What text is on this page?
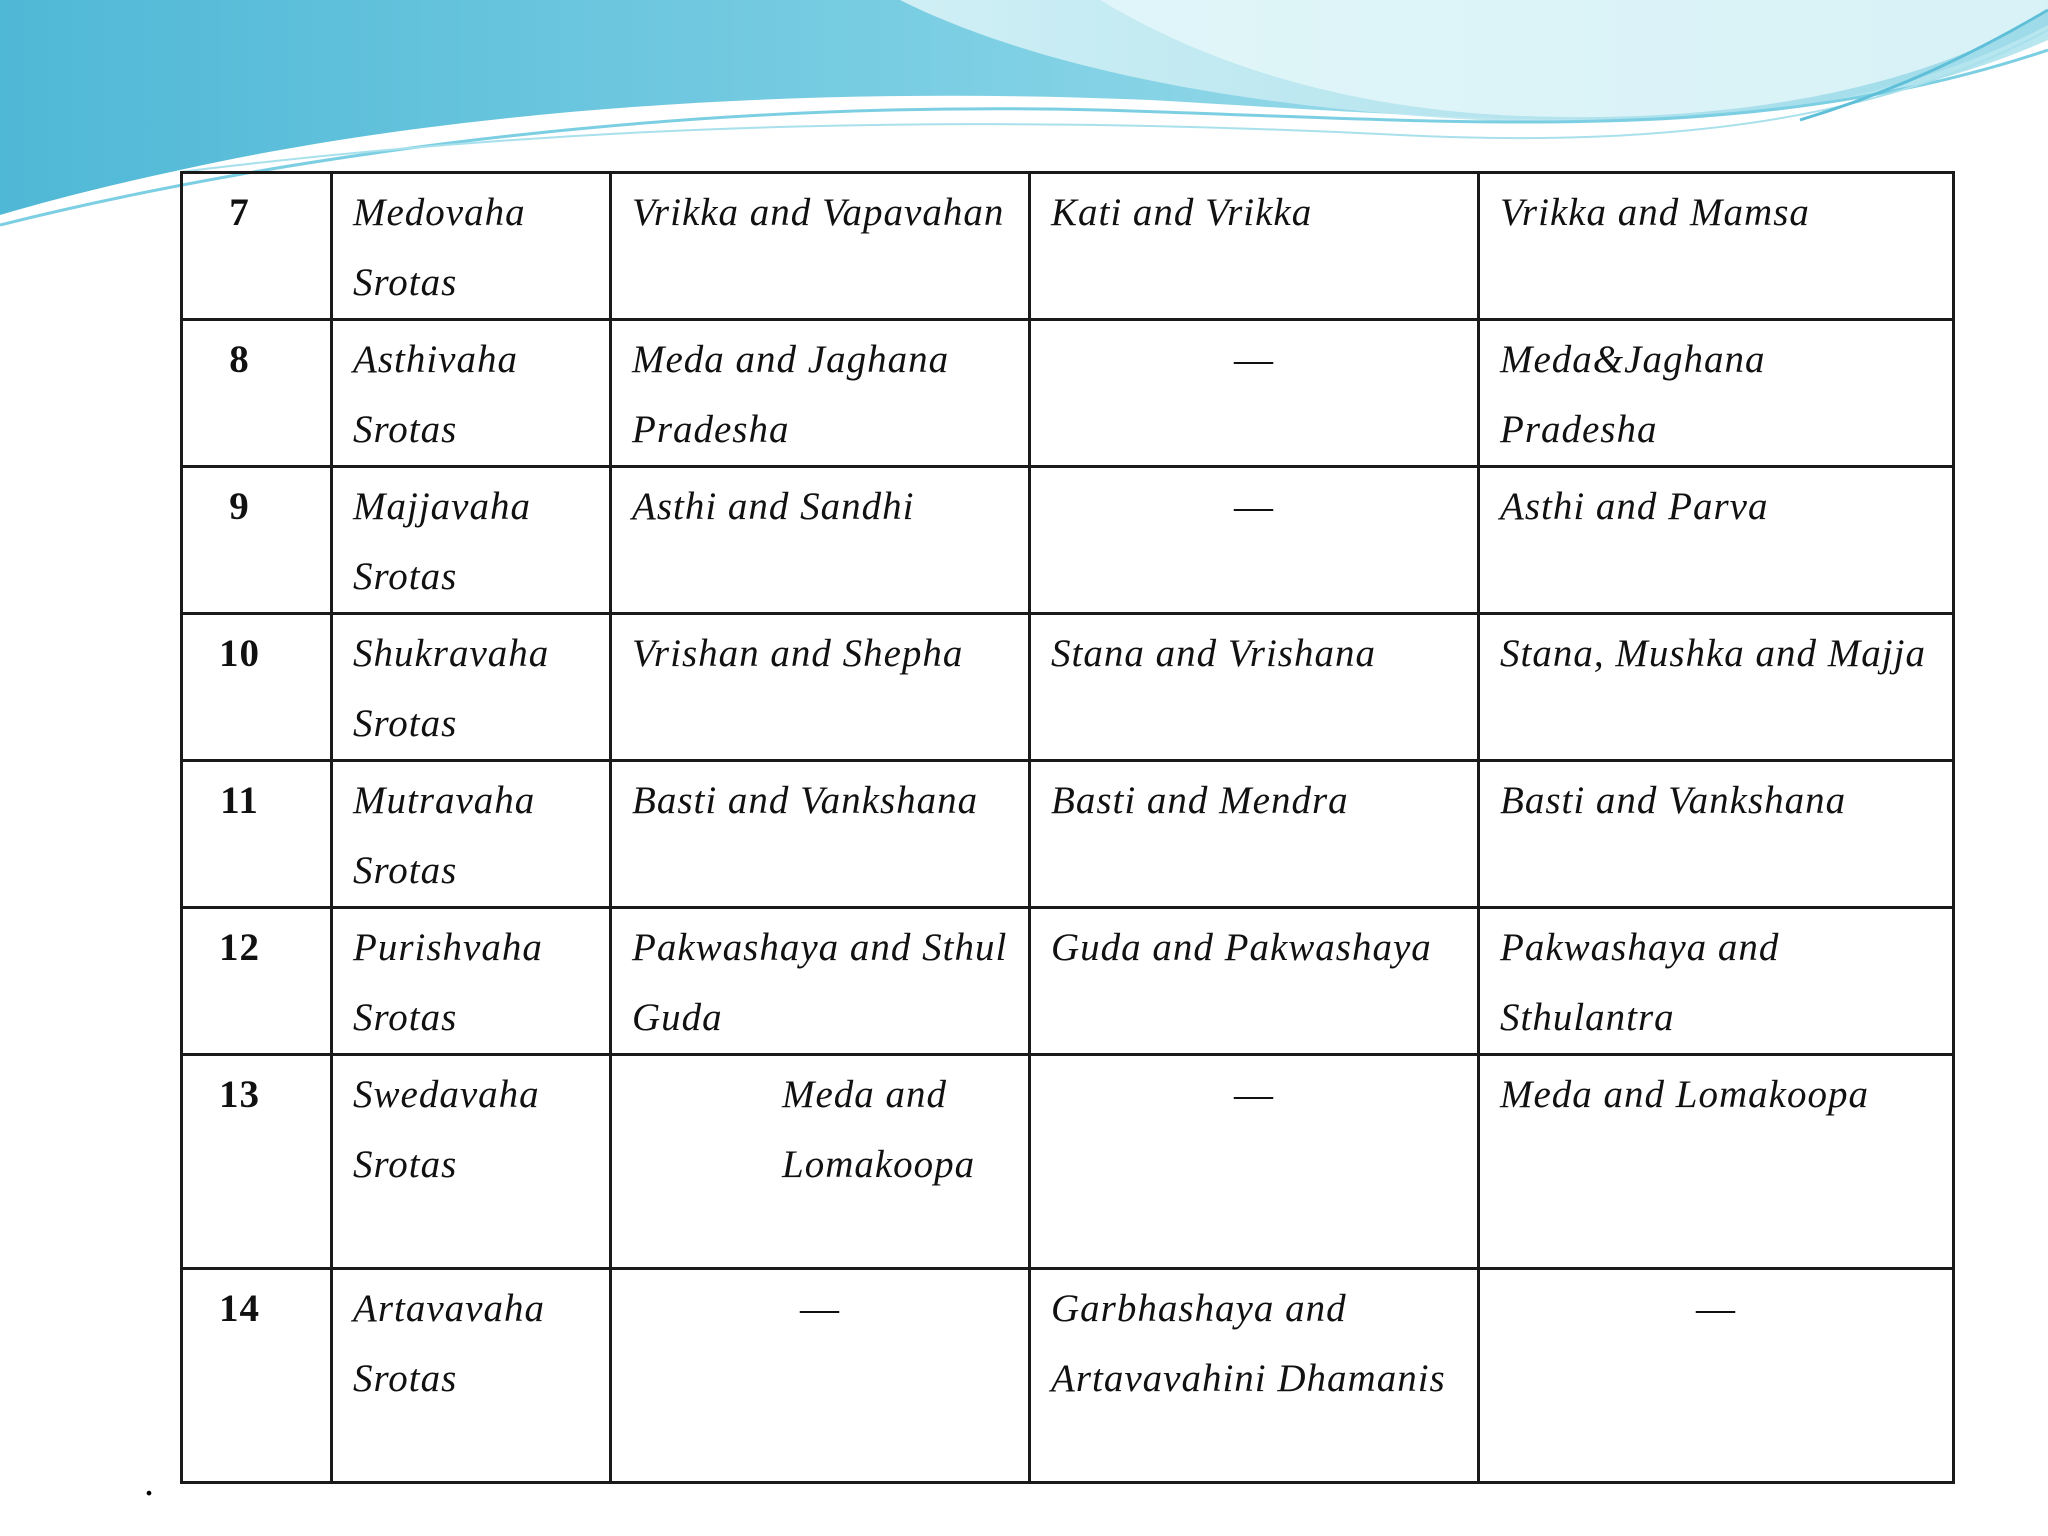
7	Medovaha Srotas	Vrikka and Vapavahan	Kati and Vrikka	Vrikka and Mamsa
8	Asthivaha Srotas	Meda and Jaghana Pradesha	—	Meda&Jaghana Pradesha
9	Majjavaha Srotas	Asthi and Sandhi	—	Asthi and Parva
10	Shukravaha Srotas	Vrishan and Shepha	Stana and Vrishana	Stana, Mushka and Majja
11	Mutravaha Srotas	Basti and Vankshana	Basti and Mendra	Basti and Vankshana
12	Purishvaha Srotas	Pakwashaya and Sthul Guda	Guda and Pakwashaya	Pakwashaya and Sthulantra
13	Swedavaha Srotas	Meda and Lomakoopa	—	Meda and Lomakoopa
14	Artavavaha Srotas	—	Garbhashaya and Artavavahini Dhamanis	—
.
